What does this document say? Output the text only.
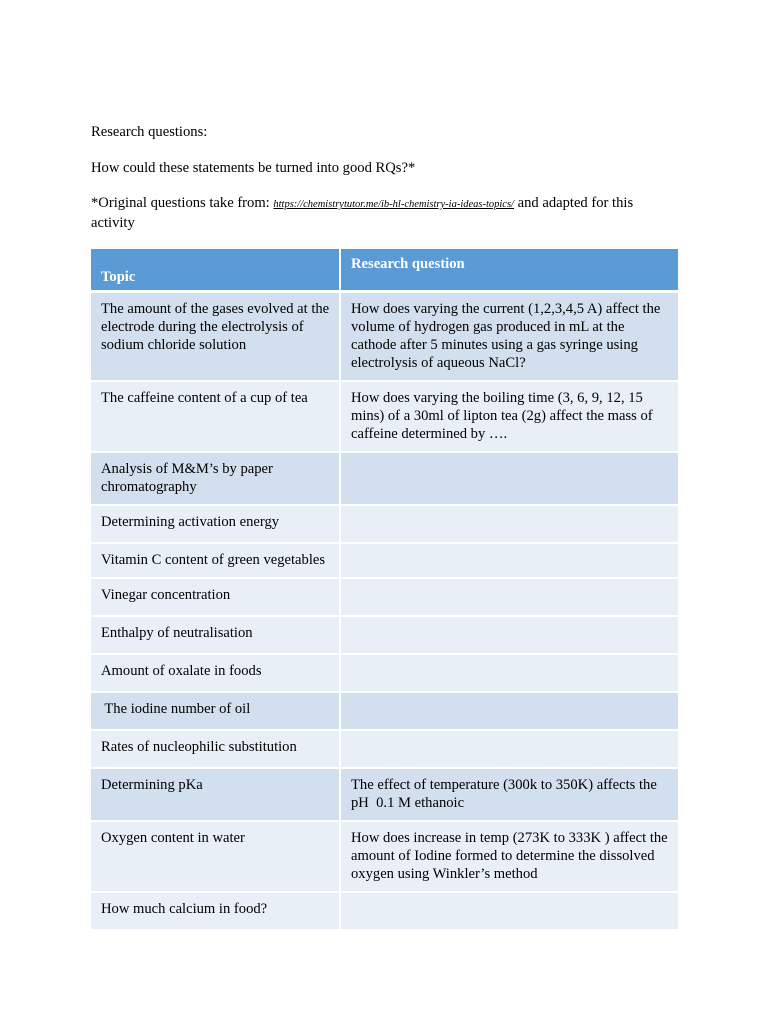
Research questions:

How could these statements be turned into good RQs?*

*Original questions take from: https://chemistrytutor.me/ib-hl-chemistry-ia-ideas-topics/ and adapted for this activity

Topic	Research question
The amount of the gases evolved at the electrode during the electrolysis of sodium chloride solution	How does varying the current (1,2,3,4,5 A) affect the volume of hydrogen gas produced in mL at the cathode after 5 minutes using a gas syringe using electrolysis of aqueous NaCl?
The caffeine content of a cup of tea	How does varying the boiling time (3, 6, 9, 12, 15 mins) of a 30ml of lipton tea (2g) affect the mass of caffeine determined by ….
Analysis of M&M’s by paper chromatography	
Determining activation energy	
Vitamin C content of green vegetables	
Vinegar concentration	
Enthalpy of neutralisation	
Amount of oxalate in foods	
The iodine number of oil	
Rates of nucleophilic substitution	
Determining pKa	The effect of temperature (300k to 350K) affects the pH  0.1 M ethanoic
Oxygen content in water	How does increase in temp (273K to 333K ) affect the amount of Iodine formed to determine the dissolved oxygen using Winkler’s method
How much calcium in food?	
